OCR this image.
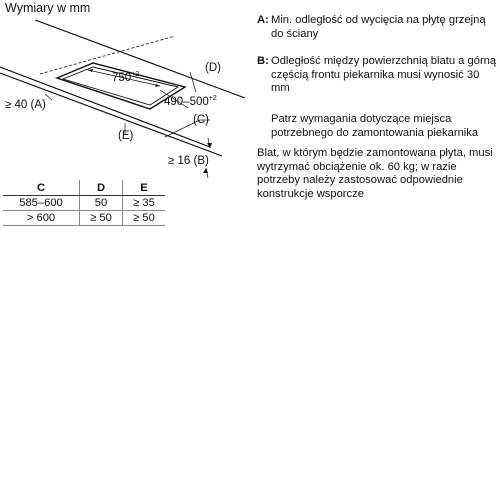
Wymiary w mm
$750^{+2}$
$490-500^{+2}$
(D)
≥ 40 (A)
(E)
(C)
≥ 16 (B)
A: Min. odległość od wycięcia na płytę grzejną do ściany
B: Odległość między powierzchnią blatu a górną częścią frontu piekarnika musi wynosić 30 mm
Patrz wymagania dotyczące miejsca potrzebnego do zamontowania piekarnika
Blat, w którym będzie zamontowana płyta, musi wytrzymać obciążenie ok. 60 kg; w razie potrzeby należy zastosować odpowiednie konstrukcje wsporcze
C	D	E
585–600	50	≥ 35
> 600	≥ 50	≥ 50
